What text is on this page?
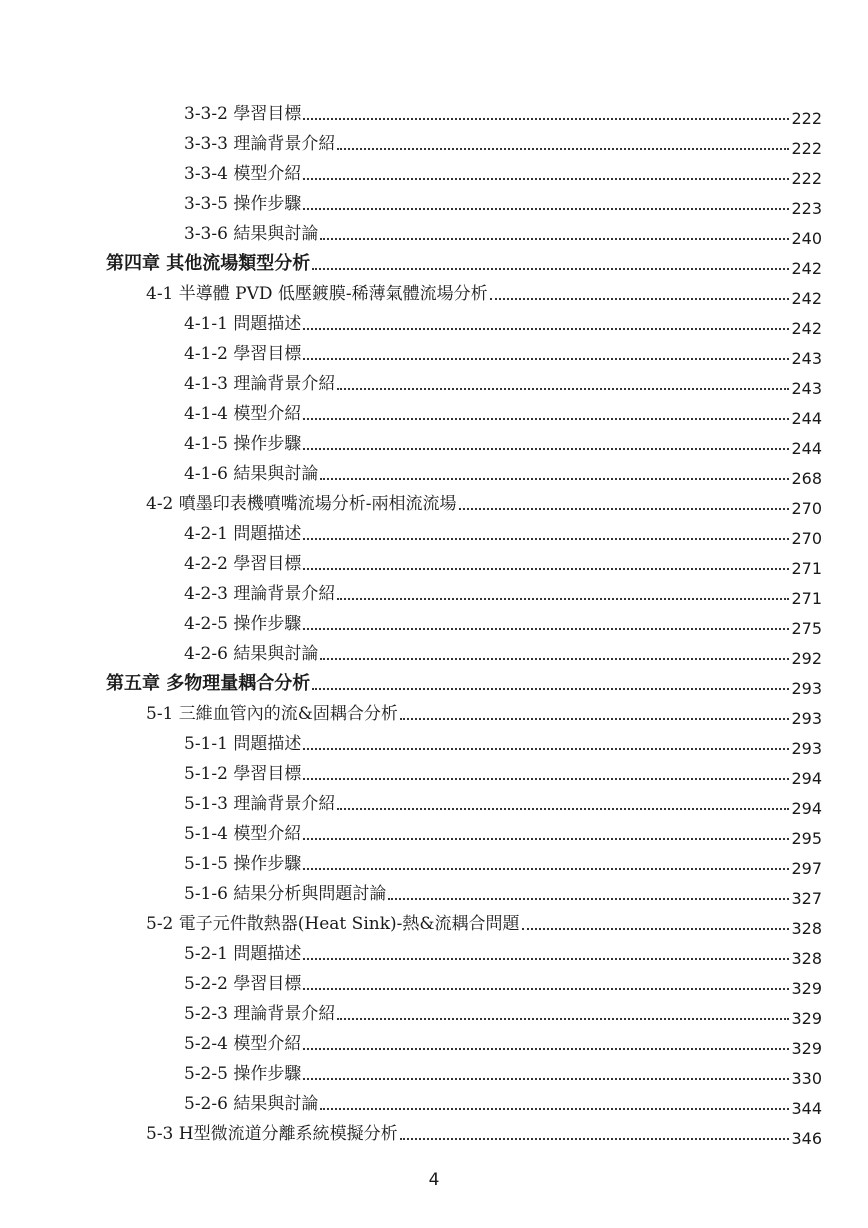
3-3-2 學習目標	222
3-3-3 理論背景介紹	222
3-3-4 模型介紹	222
3-3-5 操作步驟	223
3-3-6 結果與討論	240
第四章 其他流場類型分析	242
4-1 半導體 PVD 低壓鍍膜-稀薄氣體流場分析	242
4-1-1 問題描述	242
4-1-2 學習目標	243
4-1-3 理論背景介紹	243
4-1-4 模型介紹	244
4-1-5 操作步驟	244
4-1-6 結果與討論	268
4-2 噴墨印表機噴嘴流場分析-兩相流流場	270
4-2-1 問題描述	270
4-2-2 學習目標	271
4-2-3 理論背景介紹	271
4-2-5 操作步驟	275
4-2-6 結果與討論	292
第五章 多物理量耦合分析	293
5-1 三維血管內的流&固耦合分析	293
5-1-1 問題描述	293
5-1-2 學習目標	294
5-1-3 理論背景介紹	294
5-1-4 模型介紹	295
5-1-5 操作步驟	297
5-1-6 結果分析與問題討論	327
5-2 電子元件散熱器(Heat Sink)-熱&流耦合問題	328
5-2-1 問題描述	328
5-2-2 學習目標	329
5-2-3 理論背景介紹	329
5-2-4 模型介紹	329
5-2-5 操作步驟	330
5-2-6 結果與討論	344
5-3 H型微流道分離系統模擬分析	346
4
